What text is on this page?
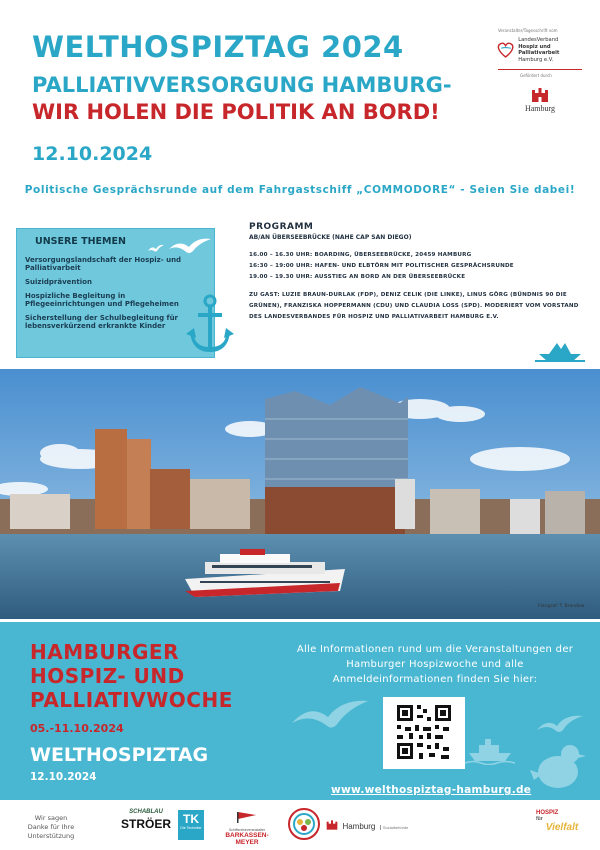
WELTHOSPIZTAG 2024
PALLIATIVVERSORGUNG HAMBURG-
WIR HOLEN DIE POLITIK AN BORD!
12.10.2024
Veranstalter/Tagesschrift vom
LandesVerband
Hospiz und Palliativarbeit
Hamburg e.V.
Gefördert durch
Hamburg
Politische Gesprächsrunde auf dem Fahrgastschiff „COMMODORE“ - Seien Sie dabei!
UNSERE THEMEN
Versorgungslandschaft der Hospiz- und Palliativarbeit
Suizidprävention
Hospizliche Begleitung in Pflegeeinrichtungen und Pflegeheimen
Sicherstellung der Schulbegleitung für lebensverkürzend erkrankte Kinder
PROGRAMM
AB/AN ÜBERSEEBRÜCKE (NAHE CAP SAN DIEGO)
16.00 – 16.30 UHR: BOARDING, ÜBERSEEBRÜCKE, 20459 HAMBURG
16:30 – 19:00 UHR: HAFEN- UND ELBTÖRN MIT POLITISCHER GESPRÄCHSRUNDE
19.00 – 19.30 UHR: AUSSTIEG AN BORD AN DER ÜBERSEEBRÜCKE
ZU GAST: LUZIE BRAUN-DURLAK (FDP), DENIZ CELIK (DIE LINKE), LINUS GÖRG (BÜNDNIS 90 DIE GRÜNEN), FRANZISKA HOPPERMANN (CDU) UND CLAUDIA LOSS (SPD). MODERIERT VOM VORSTAND DES LANDESVERBANDES FÜR HOSPIZ UND PALLIATIVARBEIT HAMBURG E.V.
Fotograf: T. Brandow
HAMBURGER
HOSPIZ- UND
PALLIATIVWOCHE
05.-11.10.2024
WELTHOSPIZTAG
12.10.2024
Alle Informationen rund um die Veranstaltungen der Hamburger Hospizwoche und alle Anmeldeinformationen finden Sie hier:
www.welthospiztag-hamburg.de
Wir sagen Danke für Ihre Unterstützung
SCHABLAU
STRÖER	TK
Die Techniker	Schiffsreiseveranstalter
BARKASSEN-MEYER
Hamburg Sozialbehörde
HOSPIZ
für
Vielfalt
